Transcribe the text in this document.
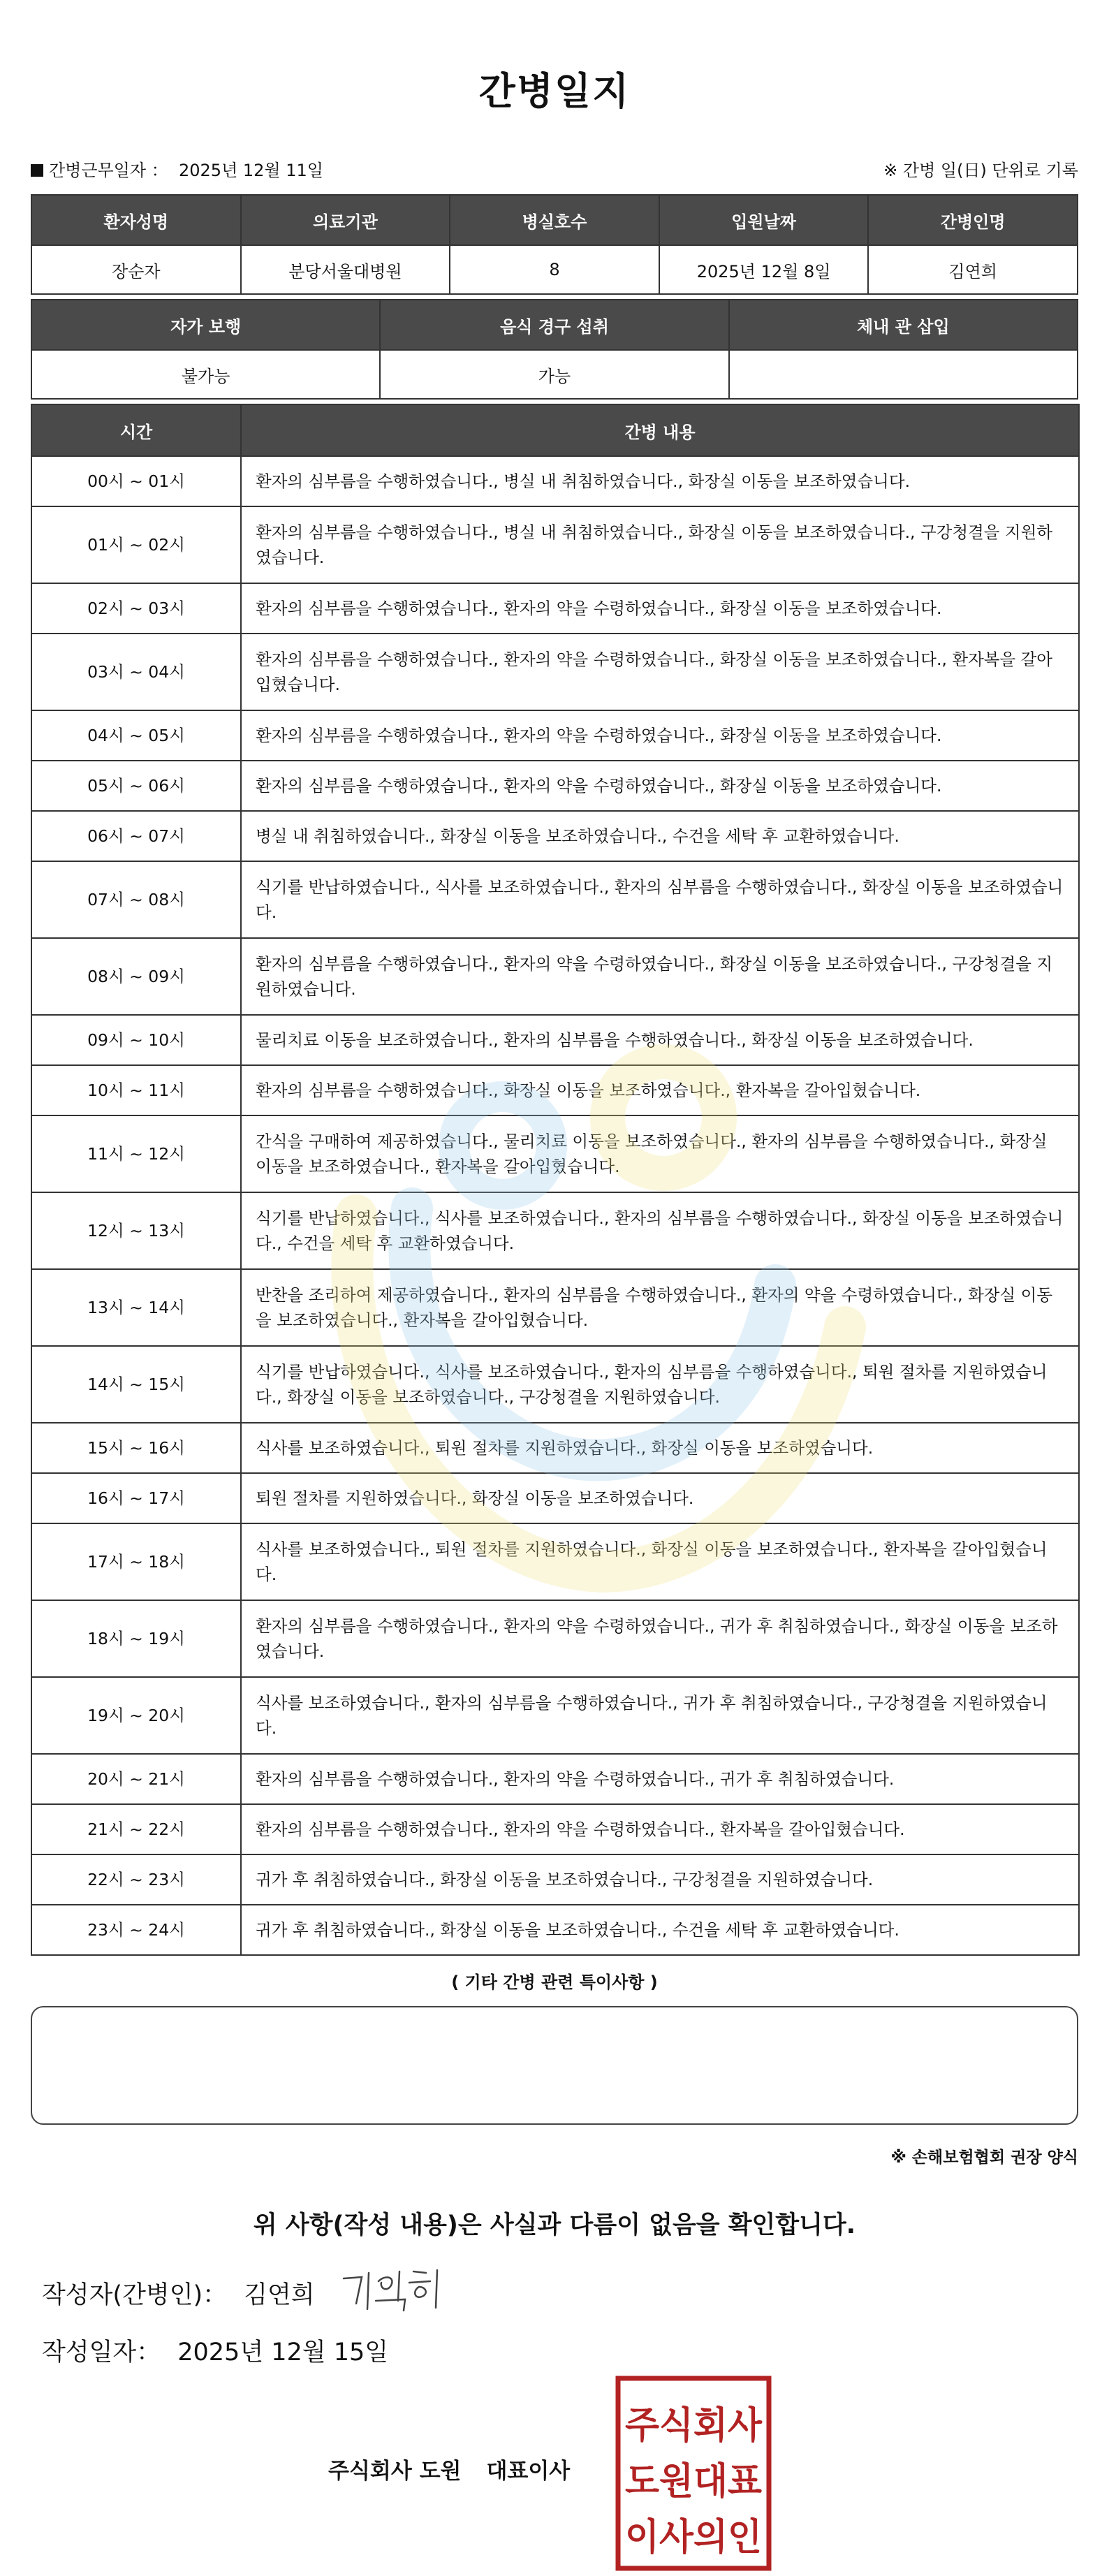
간병일지
간병근무일자 ： 2025년 12월 11일	※ 간병 일(日) 단위로 기록
환자성명	의료기관	병실호수	입원날짜	간병인명
장순자	분당서울대병원	8	2025년 12월 8일	김연희
자가 보행	음식 경구 섭취	체내 관 삽입
불가능	가능	
시간	간병 내용
00시 ~ 01시	환자의 심부름을 수행하였습니다., 병실 내 취침하였습니다., 화장실 이동을 보조하였습니다.
01시 ~ 02시	환자의 심부름을 수행하였습니다., 병실 내 취침하였습니다., 화장실 이동을 보조하였습니다., 구강청결을 지원하였습니다.
02시 ~ 03시	환자의 심부름을 수행하였습니다., 환자의 약을 수령하였습니다., 화장실 이동을 보조하였습니다.
03시 ~ 04시	환자의 심부름을 수행하였습니다., 환자의 약을 수령하였습니다., 화장실 이동을 보조하였습니다., 환자복을 갈아입혔습니다.
04시 ~ 05시	환자의 심부름을 수행하였습니다., 환자의 약을 수령하였습니다., 화장실 이동을 보조하였습니다.
05시 ~ 06시	환자의 심부름을 수행하였습니다., 환자의 약을 수령하였습니다., 화장실 이동을 보조하였습니다.
06시 ~ 07시	병실 내 취침하였습니다., 화장실 이동을 보조하였습니다., 수건을 세탁 후 교환하였습니다.
07시 ~ 08시	식기를 반납하였습니다., 식사를 보조하였습니다., 환자의 심부름을 수행하였습니다., 화장실 이동을 보조하였습니다.
08시 ~ 09시	환자의 심부름을 수행하였습니다., 환자의 약을 수령하였습니다., 화장실 이동을 보조하였습니다., 구강청결을 지원하였습니다.
09시 ~ 10시	물리치료 이동을 보조하였습니다., 환자의 심부름을 수행하였습니다., 화장실 이동을 보조하였습니다.
10시 ~ 11시	환자의 심부름을 수행하였습니다., 화장실 이동을 보조하였습니다., 환자복을 갈아입혔습니다.
11시 ~ 12시	간식을 구매하여 제공하였습니다., 물리치료 이동을 보조하였습니다., 환자의 심부름을 수행하였습니다., 화장실 이동을 보조하였습니다., 환자복을 갈아입혔습니다.
12시 ~ 13시	식기를 반납하였습니다., 식사를 보조하였습니다., 환자의 심부름을 수행하였습니다., 화장실 이동을 보조하였습니다., 수건을 세탁 후 교환하였습니다.
13시 ~ 14시	반찬을 조리하여 제공하였습니다., 환자의 심부름을 수행하였습니다., 환자의 약을 수령하였습니다., 화장실 이동을 보조하였습니다., 환자복을 갈아입혔습니다.
14시 ~ 15시	식기를 반납하였습니다., 식사를 보조하였습니다., 환자의 심부름을 수행하였습니다., 퇴원 절차를 지원하였습니다., 화장실 이동을 보조하였습니다., 구강청결을 지원하였습니다.
15시 ~ 16시	식사를 보조하였습니다., 퇴원 절차를 지원하였습니다., 화장실 이동을 보조하였습니다.
16시 ~ 17시	퇴원 절차를 지원하였습니다., 화장실 이동을 보조하였습니다.
17시 ~ 18시	식사를 보조하였습니다., 퇴원 절차를 지원하였습니다., 화장실 이동을 보조하였습니다., 환자복을 갈아입혔습니다.
18시 ~ 19시	환자의 심부름을 수행하였습니다., 환자의 약을 수령하였습니다., 귀가 후 취침하였습니다., 화장실 이동을 보조하였습니다.
19시 ~ 20시	식사를 보조하였습니다., 환자의 심부름을 수행하였습니다., 귀가 후 취침하였습니다., 구강청결을 지원하였습니다.
20시 ~ 21시	환자의 심부름을 수행하였습니다., 환자의 약을 수령하였습니다., 귀가 후 취침하였습니다.
21시 ~ 22시	환자의 심부름을 수행하였습니다., 환자의 약을 수령하였습니다., 환자복을 갈아입혔습니다.
22시 ~ 23시	귀가 후 취침하였습니다., 화장실 이동을 보조하였습니다., 구강청결을 지원하였습니다.
23시 ~ 24시	귀가 후 취침하였습니다., 화장실 이동을 보조하였습니다., 수건을 세탁 후 교환하였습니다.
( 기타 간병 관련 특이사항 )
※ 손해보험협회 권장 양식
위 사항(작성 내용)은 사실과 다름이 없음을 확인합니다.
작성자(간병인)： 김연희
작성일자： 2025년 12월 15일
주식회사 도원 대표이사
주식회사
도원대표
이사의인
